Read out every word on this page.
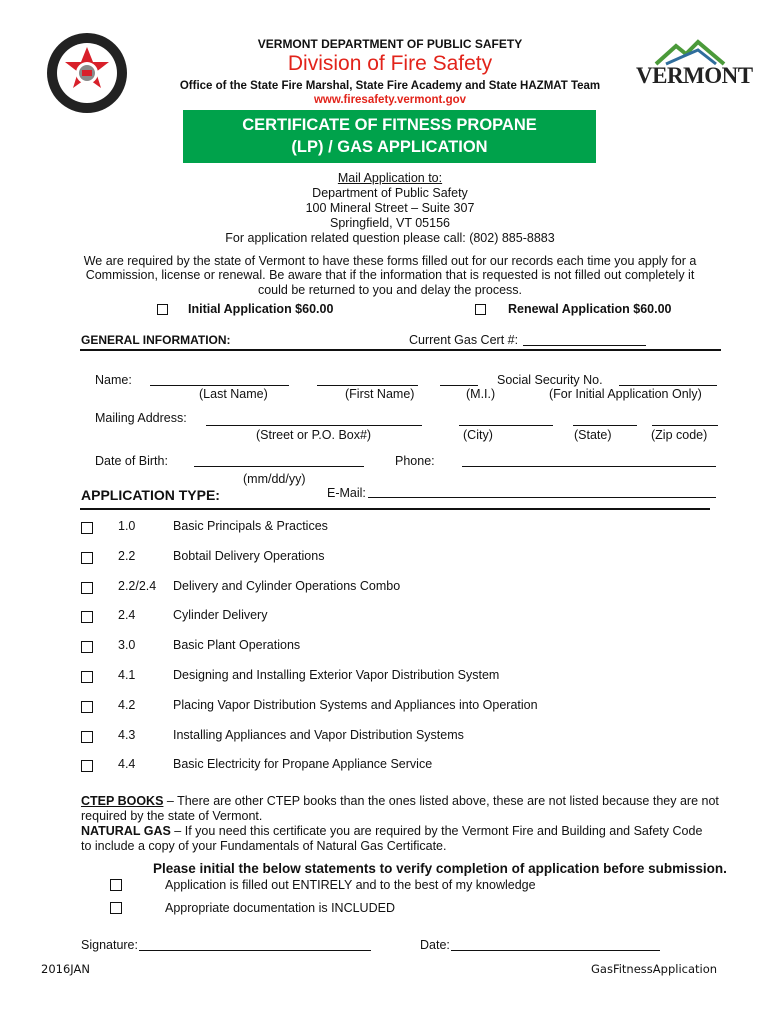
VERMONT
VERMONT DEPARTMENT OF PUBLIC SAFETY
Division of Fire Safety
Office of the State Fire Marshal, State Fire Academy and State HAZMAT Team
www.firesafety.vermont.gov
CERTIFICATE OF FITNESS PROPANE
(LP) / GAS APPLICATION
Mail Application to:
Department of Public Safety
100 Mineral Street – Suite 307
Springfield, VT 05156
For application related question please call: (802) 885-8883
We are required by the state of Vermont to have these forms filled out for our records each time you apply for a
Commission, license or renewal. Be aware that if the information that is requested is not filled out completely it
could be returned to you and delay the process.
Initial Application $60.00	Renewal Application $60.00
GENERAL INFORMATION:	Current Gas Cert #:
Name:	Social Security No.
(Last Name)	(First Name)	(M.I.)	(For Initial Application Only)
Mailing Address:
(Street or P.O. Box#)	(City)	(State)	(Zip code)
Date of Birth:	Phone:
(mm/dd/yy)
APPLICATION TYPE:	E-Mail:
1.0	Basic Principals & Practices
2.2	Bobtail Delivery Operations
2.2/2.4 Delivery and Cylinder Operations Combo
2.4	Cylinder Delivery
3.0	Basic Plant Operations
4.1	Designing and Installing Exterior Vapor Distribution System
4.2	Placing Vapor Distribution Systems and Appliances into Operation
4.3	Installing Appliances and Vapor Distribution Systems
4.4	Basic Electricity for Propane Appliance Service
CTEP BOOKS – There are other CTEP books than the ones listed above, these are not listed because they are not
required by the state of Vermont.
NATURAL GAS – If you need this certificate you are required by the Vermont Fire and Building and Safety Code
to include a copy of your Fundamentals of Natural Gas Certificate.
Please initial the below statements to verify completion of application before submission.
Application is filled out ENTIRELY and to the best of my knowledge
Appropriate documentation is INCLUDED
Signature:	Date:
2016JAN	GasFitnessApplication
